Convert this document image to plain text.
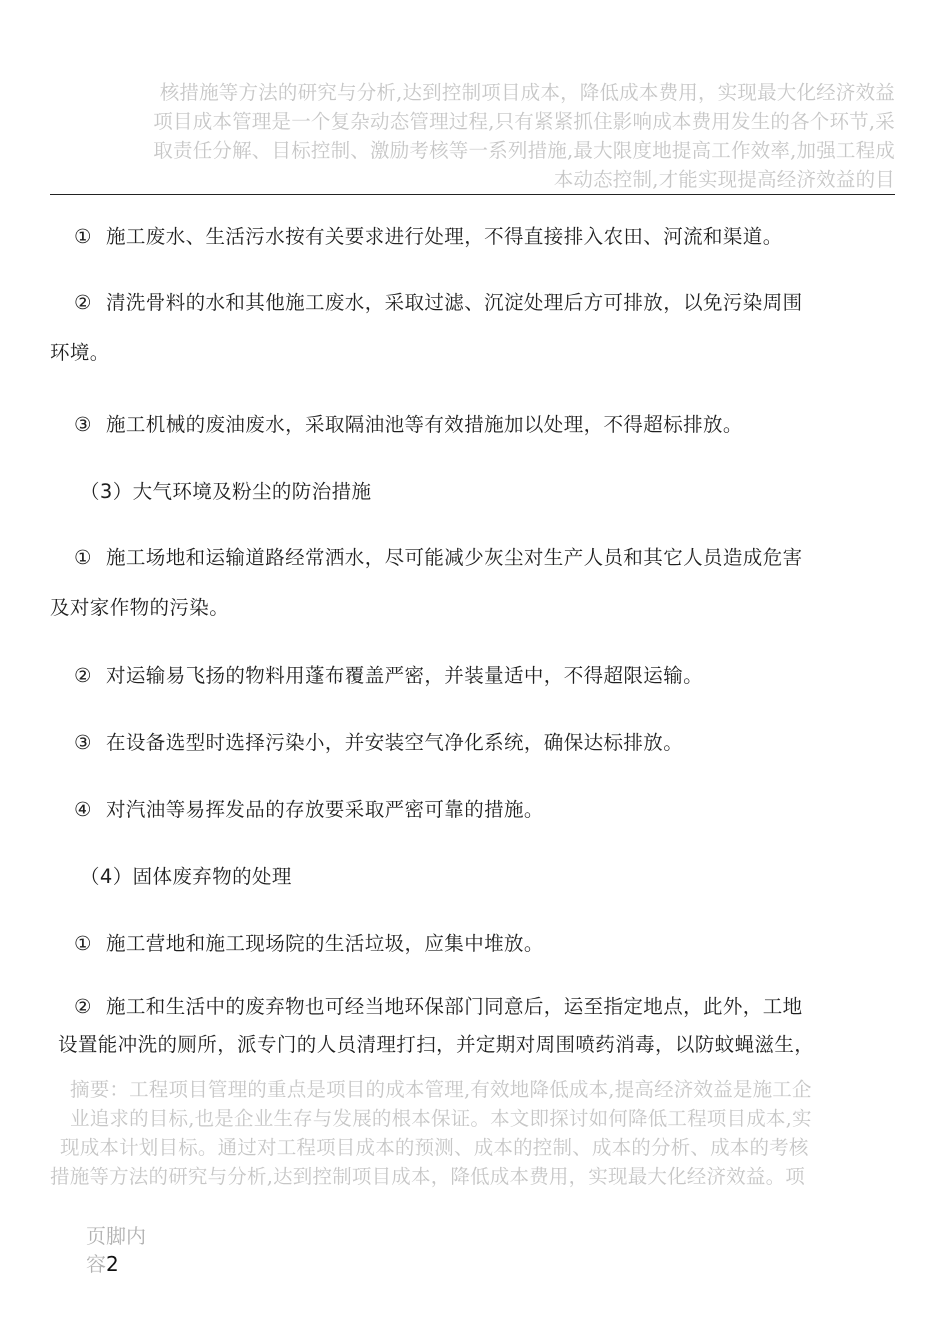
核措施等方法的研究与分析,达到控制项目成本，降低成本费用，实现最大化经济效益
项目成本管理是一个复杂动态管理过程,只有紧紧抓住影响成本费用发生的各个环节,采
取责任分解、目标控制、激励考核等一系列措施,最大限度地提高工作效率,加强工程成
本动态控制,才能实现提高经济效益的目
① 施工废水、生活污水按有关要求进行处理，不得直接排入农田、河流和渠道。
② 清洗骨料的水和其他施工废水，采取过滤、沉淀处理后方可排放，以免污染周围
环境。
③ 施工机械的废油废水，采取隔油池等有效措施加以处理，不得超标排放。
（3）大气环境及粉尘的防治措施
① 施工场地和运输道路经常洒水，尽可能减少灰尘对生产人员和其它人员造成危害
及对家作物的污染。
② 对运输易飞扬的物料用蓬布覆盖严密，并装量适中，不得超限运输。
③ 在设备选型时选择污染小，并安装空气净化系统，确保达标排放。
④ 对汽油等易挥发品的存放要采取严密可靠的措施。
（4）固体废弃物的处理
① 施工营地和施工现场院的生活垃圾，应集中堆放。
② 施工和生活中的废弃物也可经当地环保部门同意后，运至指定地点，此外，工地
设置能冲洗的厕所，派专门的人员清理打扫，并定期对周围喷药消毒，以防蚊蝇滋生，
摘要：工程项目管理的重点是项目的成本管理,有效地降低成本,提高经济效益是施工企
业追求的目标,也是企业生存与发展的根本保证。本文即探讨如何降低工程项目成本,实
现成本计划目标。通过对工程项目成本的预测、成本的控制、成本的分析、成本的考核
措施等方法的研究与分析,达到控制项目成本，降低成本费用，实现最大化经济效益。项
页脚内
容2
